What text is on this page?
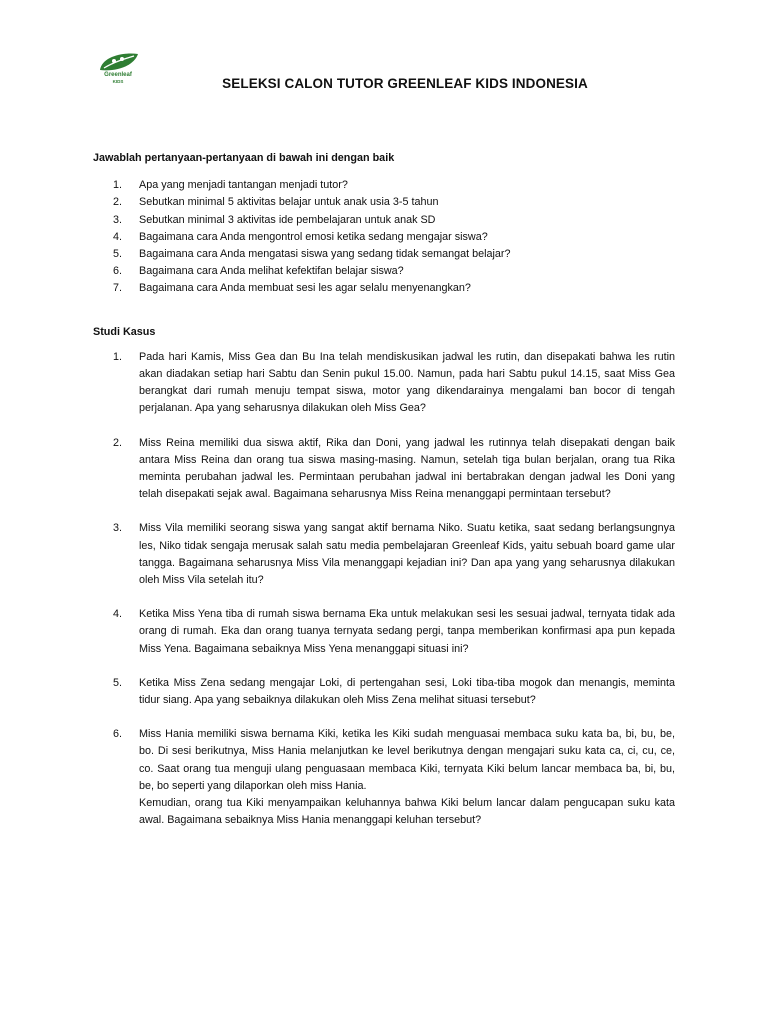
Greenleaf
KIDS	SELEKSI CALON TUTOR GREENLEAF KIDS INDONESIA

Jawablah pertanyaan-pertanyaan di bawah ini dengan baik

1. Apa yang menjadi tantangan menjadi tutor?
2. Sebutkan minimal 5 aktivitas belajar untuk anak usia 3-5 tahun
3. Sebutkan minimal 3 aktivitas ide pembelajaran untuk anak SD
4. Bagaimana cara Anda mengontrol emosi ketika sedang mengajar siswa?
5. Bagaimana cara Anda mengatasi siswa yang sedang tidak semangat belajar?
6. Bagaimana cara Anda melihat kefektifan belajar siswa?
7. Bagaimana cara Anda membuat sesi les agar selalu menyenangkan?

Studi Kasus

1. Pada hari Kamis, Miss Gea dan Bu Ina telah mendiskusikan jadwal les rutin, dan disepakati bahwa les rutin akan diadakan setiap hari Sabtu dan Senin pukul 15.00. Namun, pada hari Sabtu pukul 14.15, saat Miss Gea berangkat dari rumah menuju tempat siswa, motor yang dikendarainya mengalami ban bocor di tengah perjalanan. Apa yang seharusnya dilakukan oleh Miss Gea?

2. Miss Reina memiliki dua siswa aktif, Rika dan Doni, yang jadwal les rutinnya telah disepakati dengan baik antara Miss Reina dan orang tua siswa masing-masing. Namun, setelah tiga bulan berjalan, orang tua Rika meminta perubahan jadwal les. Permintaan perubahan jadwal ini bertabrakan dengan jadwal les Doni yang telah disepakati sejak awal. Bagaimana seharusnya Miss Reina menanggapi permintaan tersebut?

3. Miss Vila memiliki seorang siswa yang sangat aktif bernama Niko. Suatu ketika, saat sedang berlangsungnya les, Niko tidak sengaja merusak salah satu media pembelajaran Greenleaf Kids, yaitu sebuah board game ular tangga. Bagaimana seharusnya Miss Vila menanggapi kejadian ini? Dan apa yang yang seharusnya dilakukan oleh Miss Vila setelah itu?

4. Ketika Miss Yena tiba di rumah siswa bernama Eka untuk melakukan sesi les sesuai jadwal, ternyata tidak ada orang di rumah. Eka dan orang tuanya ternyata sedang pergi, tanpa memberikan konfirmasi apa pun kepada Miss Yena. Bagaimana sebaiknya Miss Yena menanggapi situasi ini?

5. Ketika Miss Zena sedang mengajar Loki, di pertengahan sesi, Loki tiba-tiba mogok dan menangis, meminta tidur siang. Apa yang sebaiknya dilakukan oleh Miss Zena melihat situasi tersebut?

6. Miss Hania memiliki siswa bernama Kiki, ketika les Kiki sudah menguasai membaca suku kata ba, bi, bu, be, bo. Di sesi berikutnya, Miss Hania melanjutkan ke level berikutnya dengan mengajari suku kata ca, ci, cu, ce, co. Saat orang tua menguji ulang penguasaan membaca Kiki, ternyata Kiki belum lancar membaca ba, bi, bu, be, bo seperti yang dilaporkan oleh miss Hania.

Kemudian, orang tua Kiki menyampaikan keluhannya bahwa Kiki belum lancar dalam pengucapan suku kata awal. Bagaimana sebaiknya Miss Hania menanggapi keluhan tersebut?
